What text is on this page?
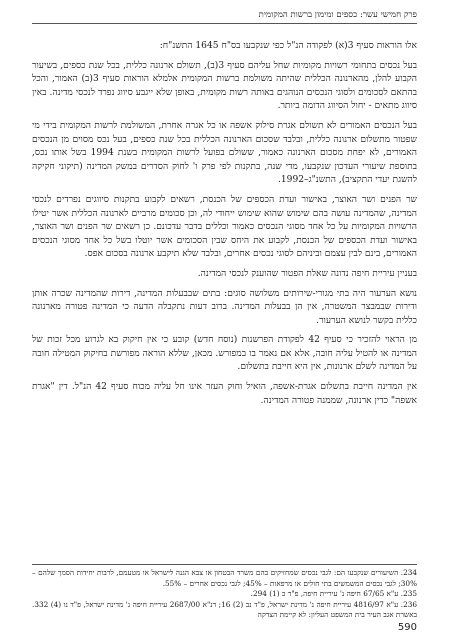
פרק חמישי עשר: כספים ומימון ברשות המקומית

אלו הוראות סעיף 3(א) לפקודה הנ"ל כפי שנקבעו בס"ח 1645 התשנ"ח:

בעל נכסים בתחומי רשויות מקומיות שחל עליהם סעיף 3(ב), תשולם ארנונה כללית, בכל שנת כספים, בשיעור הקבוע להלן, מהארנונה הכללית שהיתה משולמת ברשות המקומית אלמלא הוראות סעיף 3(ב) האמור, והכל בהתאם לסכומים ולסוגי הנכסים הנוהגים באותה רשות מקומית, באופן שלא ייגבע סיווג נפרד לנכסי מדינה. באין סיווג מתאים - יחול הסיווג הדומה ביותר.

בעל הנכסים האמורים לא תשולם אגרת סילוק אשפה או כל אגרה אחרת, המשולמת לרשות המקומית בידי מי שפטור מתשלום ארנונה כללית, ובלבד שסכום הארנונה הכללית בכל שנת כספים, בעל נכס מסוים מן הנכסים האמורים, לא יפחת מסכום הארנונה כאמור, ששולם בפועל לרשות המקומית בשנת 1994 בשל אותו נכס, בתוספת שיעורי העדכון שנקבעו, מדי שנה, בתקנות לפי פרק ו' לחוק הסדרים במשק המדינה (תיקוני חקיקה להשגת יעדי התקציב), התשנ"ג–1992.

שר הפנים ושר האוצר, באישור ועדת הכספים של הכנסת, רשאים לקבוע בתקנות סיווגים נפרדים לנכסי המדינה, שהמדינה עושה בהם שימוש שהוא שימוש ייחודי לה, וכן סכומים מרביים לארנונה הכללית אשר יטילו הרשויות המקומיות על כל אחד מסוגי הנכסים כאמור וכללים בדבר עדכונם. כן רשאים שר הפנים ושר האוצר, באישור ועדת הכספים של הכנסת, לקבוע את היחס שבין הסכומים אשר יוטלו בשל כל אחד מסוגי הנכסים האמורים, בינם לבין עצמם וביניהם לסוגי נכסים אחרים, ובלבד שלא תיקבע ארנונה בסכום אפס.

בעניין עיריית חיפה נדונה שאלת הפטור שהוענק לנכסי המדינה.

נושא הערעור היה בתי מגורי-שירותים משלושה סוגים: בתים שבבעלות המדינה, דירות שהמדינה שכרה אותן ודירות שבמבצר המשטרה, אין הן בבעלות המדינה. ברוב דעות נתקבלה הדעה כי המדינה פטורה מארנונה כללית בקשר לנושא הערעור.

מן הראוי להזכיר כי סעיף 42 לפקודת הפרשנות (נוסח חדש) קובע כי אין חיקוק בא לגרוע מכל זכות של המדינה או להטיל עליה חובה, אלא אם נאמר בו במפורש. מכאן, שללא הוראה מפורשת בחיקוק המטילה חובה על המדינה לשלם ארנונות, אין היא חייבת בתשלום.

אין המדינה חייבת בתשלום אגרת-אשפה, הואיל וחוק העזר אינו חל עליה מכוח סעיף 42 הנ"ל. דין "אגרת אשפה" כדין ארנונה, שממנה פטורה המדינה.

234. השיעורים שנקבעו הם: לגבי נכסים שמחזיקים בהם משרד הבטחון או צבא הגנה לישראל או מטעמם, לרבות יחידות הסמך שלהם – 30%; לגבי נכסים המשמשים בתי חולים או מרפאות – 45%; לגבי נכסים אחרים – 55%.

235. ע"א 67/65 חיפה נ' עיריית חיפה, פ"ד כ (1) 294.

236. ע"א 4816/97 עיריית חיפה נ' מדינת ישראל, פ"ד נב (2) 16; דנ"א 2687/00 עיריית חיפה נ' מדינת ישראל, פ"ד נו (4) 332. באשרת אגב העיר בית המשפט העליון: לא קיימת הצדקה

590
